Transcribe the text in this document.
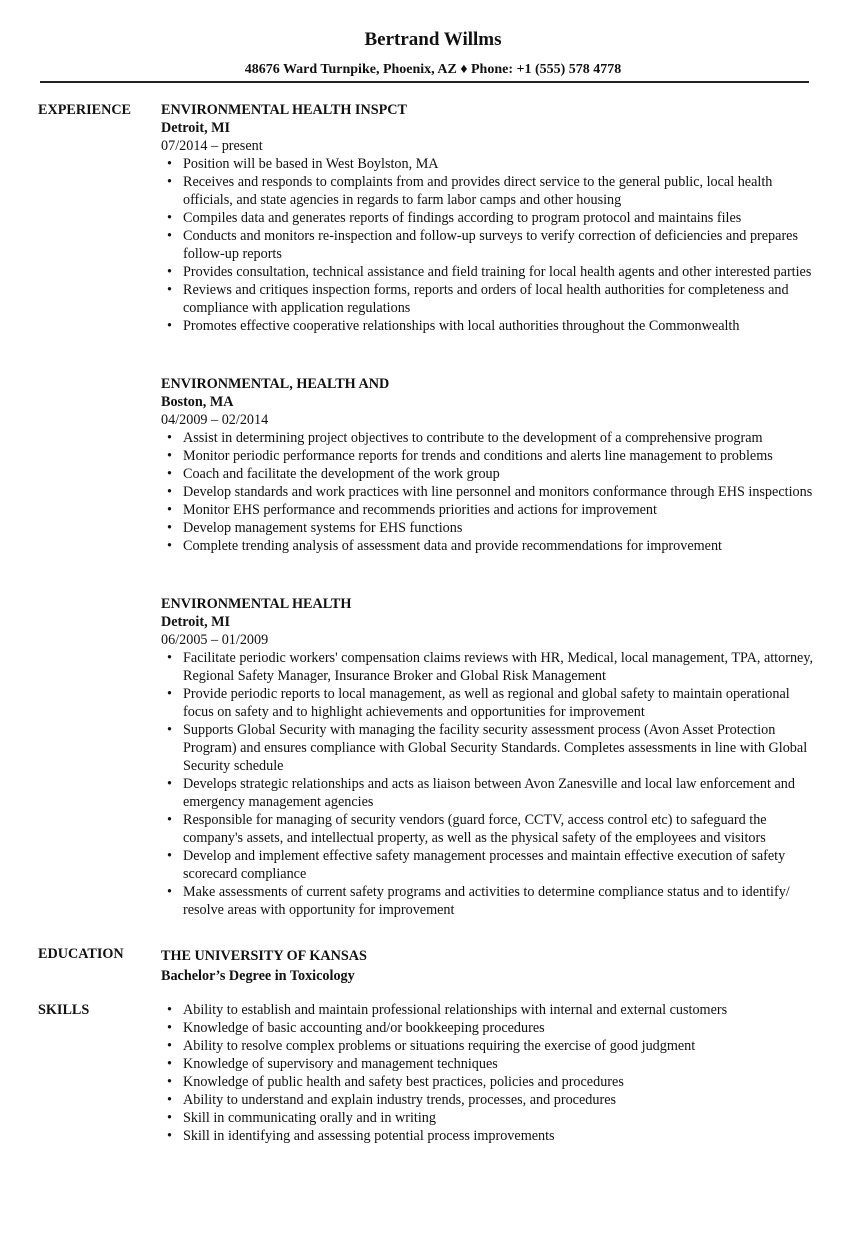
Bertrand Willms
48676 Ward Turnpike, Phoenix, AZ ♦ Phone: +1 (555) 578 4778
EXPERIENCE ENVIRONMENTAL HEALTH INSPCT
Detroit, MI
07/2014 – present
• Position will be based in West Boylston, MA
• Receives and responds to complaints from and provides direct service to the general public, local health officials, and state agencies in regards to farm labor camps and other housing
• Compiles data and generates reports of findings according to program protocol and maintains files
• Conducts and monitors re-inspection and follow-up surveys to verify correction of deficiencies and prepares follow-up reports
• Provides consultation, technical assistance and field training for local health agents and other interested parties
• Reviews and critiques inspection forms, reports and orders of local health authorities for completeness and compliance with application regulations
• Promotes effective cooperative relationships with local authorities throughout the Commonwealth
ENVIRONMENTAL, HEALTH AND
Boston, MA
04/2009 – 02/2014
• Assist in determining project objectives to contribute to the development of a comprehensive program
• Monitor periodic performance reports for trends and conditions and alerts line management to problems
• Coach and facilitate the development of the work group
• Develop standards and work practices with line personnel and monitors conformance through EHS inspections
• Monitor EHS performance and recommends priorities and actions for improvement
• Develop management systems for EHS functions
• Complete trending analysis of assessment data and provide recommendations for improvement
ENVIRONMENTAL HEALTH
Detroit, MI
06/2005 – 01/2009
• Facilitate periodic workers' compensation claims reviews with HR, Medical, local management, TPA, attorney, Regional Safety Manager, Insurance Broker and Global Risk Management
• Provide periodic reports to local management, as well as regional and global safety to maintain operational focus on safety and to highlight achievements and opportunities for improvement
• Supports Global Security with managing the facility security assessment process (Avon Asset Protection Program) and ensures compliance with Global Security Standards. Completes assessments in line with Global Security schedule
• Develops strategic relationships and acts as liaison between Avon Zanesville and local law enforcement and emergency management agencies
• Responsible for managing of security vendors (guard force, CCTV, access control etc) to safeguard the company's assets, and intellectual property, as well as the physical safety of the employees and visitors
• Develop and implement effective safety management processes and maintain effective execution of safety scorecard compliance
• Make assessments of current safety programs and activities to determine compliance status and to identify/ resolve areas with opportunity for improvement
EDUCATION	THE UNIVERSITY OF KANSAS
Bachelor’s Degree in Toxicology
SKILLS
•	Ability to establish and maintain professional relationships with internal and external customers
• Knowledge of basic accounting and/or bookkeeping procedures
• Ability to resolve complex problems or situations requiring the exercise of good judgment
• Knowledge of supervisory and management techniques
• Knowledge of public health and safety best practices, policies and procedures
• Ability to understand and explain industry trends, processes, and procedures
• Skill in communicating orally and in writing
• Skill in identifying and assessing potential process improvements
